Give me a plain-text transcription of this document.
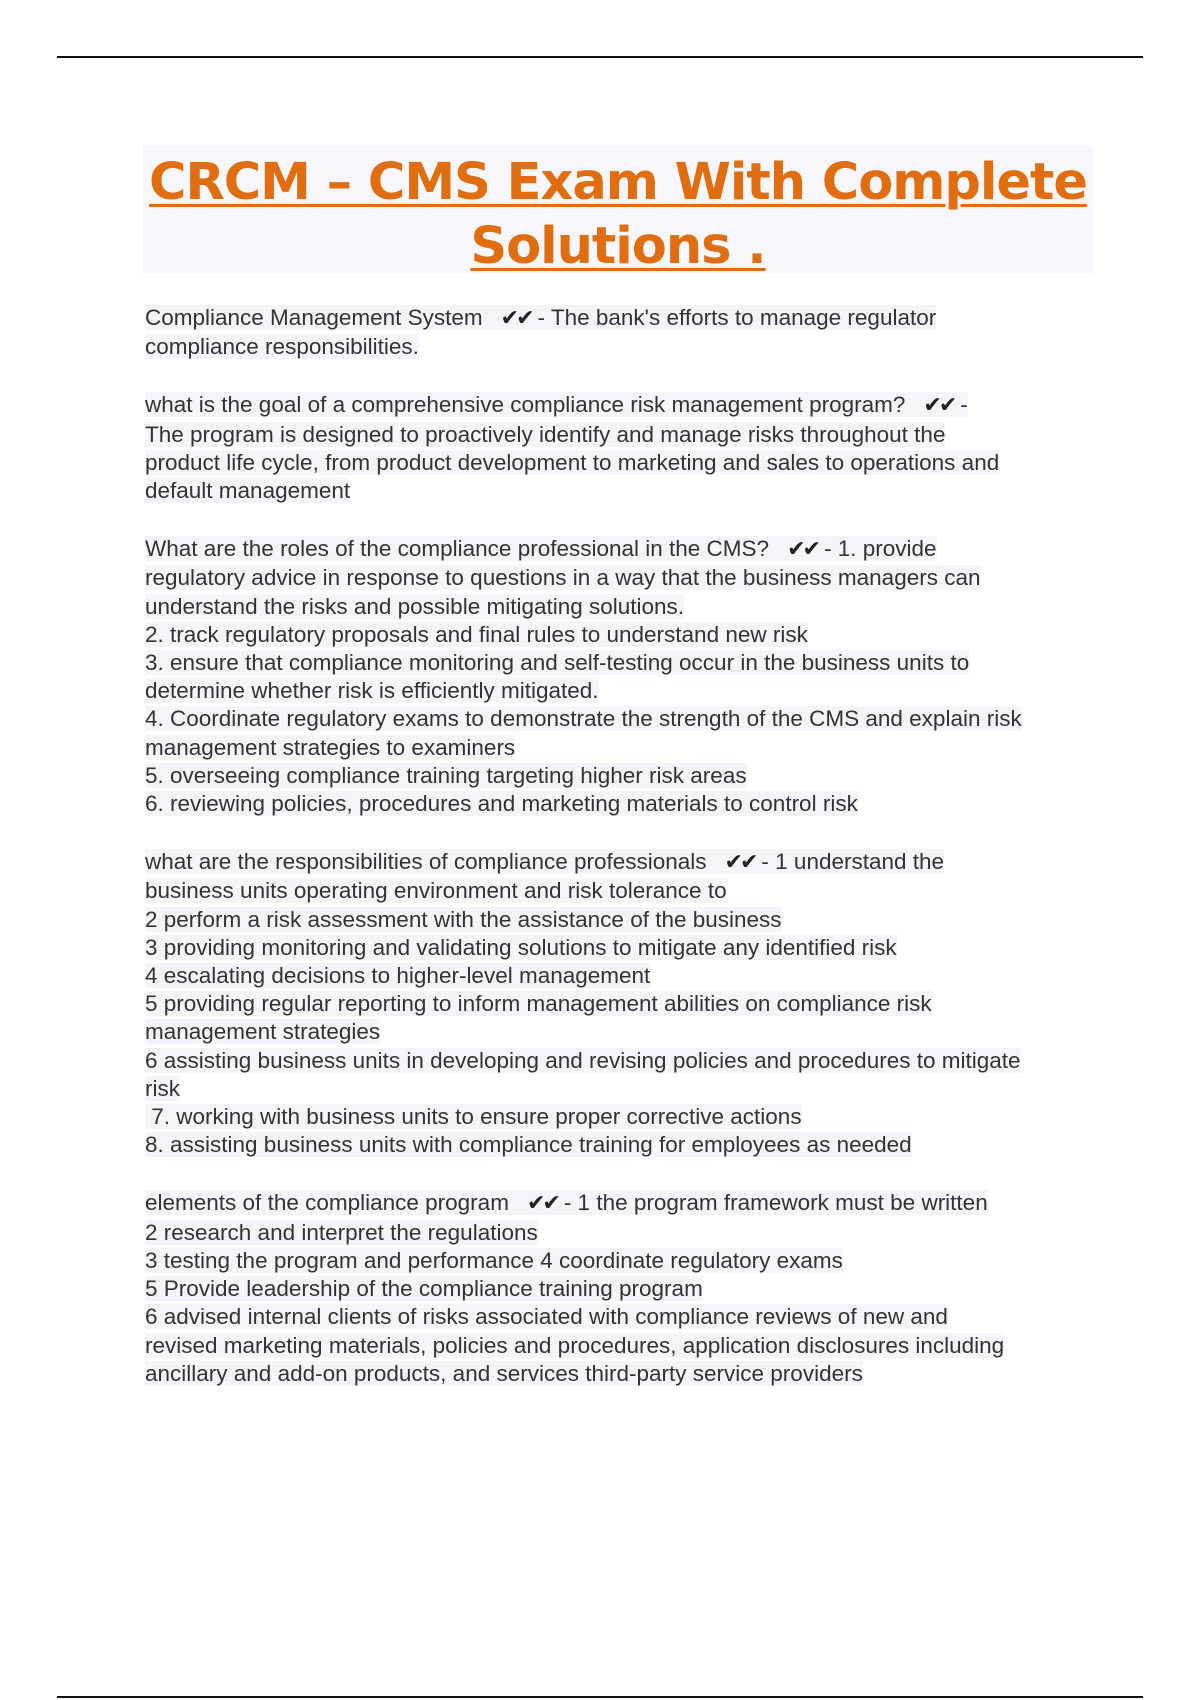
CRCM – CMS Exam With Complete
Solutions .

Compliance Management System ✔✔ - The bank's efforts to manage regulator
compliance responsibilities.

what is the goal of a comprehensive compliance risk management program? ✔✔ -
The program is designed to proactively identify and manage risks throughout the
product life cycle, from product development to marketing and sales to operations and
default management

What are the roles of the compliance professional in the CMS? ✔✔ - 1. provide
regulatory advice in response to questions in a way that the business managers can
understand the risks and possible mitigating solutions.
2. track regulatory proposals and final rules to understand new risk
3. ensure that compliance monitoring and self-testing occur in the business units to
determine whether risk is efficiently mitigated.
4. Coordinate regulatory exams to demonstrate the strength of the CMS and explain risk
management strategies to examiners
5. overseeing compliance training targeting higher risk areas
6. reviewing policies, procedures and marketing materials to control risk

what are the responsibilities of compliance professionals ✔✔ - 1 understand the
business units operating environment and risk tolerance to
2 perform a risk assessment with the assistance of the business
3 providing monitoring and validating solutions to mitigate any identified risk
4 escalating decisions to higher-level management
5 providing regular reporting to inform management abilities on compliance risk
management strategies
6 assisting business units in developing and revising policies and procedures to mitigate
risk
7. working with business units to ensure proper corrective actions
8. assisting business units with compliance training for employees as needed

elements of the compliance program ✔✔ - 1 the program framework must be written
2 research and interpret the regulations
3 testing the program and performance 4 coordinate regulatory exams
5 Provide leadership of the compliance training program
6 advised internal clients of risks associated with compliance reviews of new and
revised marketing materials, policies and procedures, application disclosures including
ancillary and add-on products, and services third-party service providers
